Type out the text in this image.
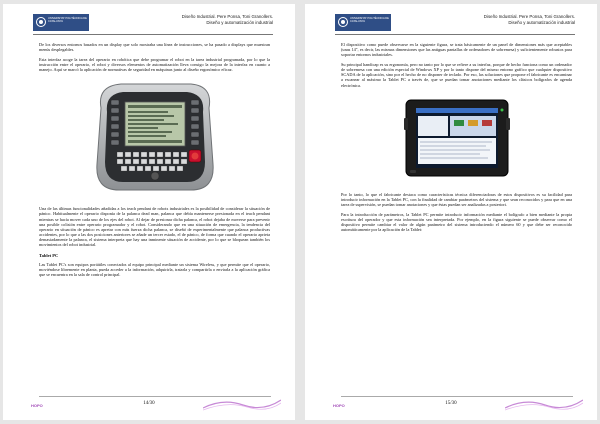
UNIVERSITAT POLITÈCNICA DE CATALUNYA
Diseño Industrial. Pere Ponsa, Toni Granollers.
Diseño y automatización industrial

De los diversos entornos basados en un display que solo mostraba una línea de instrucciones, se ha pasado a displays que muestran menús desplegables.

Esta interfaz acoge la tarea del operario en robótica que debe programar el robot en la tarea industrial programada, por lo que la instrucción entre el operario, el robot y diversos elementos de automatización lleva consigo la mejora de la interfaz en cuanto a manejo. Aquí se marcó la aplicación de normativas de seguridad en máquinas junto al diseño ergonómico eficaz.

Una de las últimas funcionalidades añadidas a los teach pendant de robots industriales es la posibilidad de considerar la situación de pánico. Habitualmente el operario disponía de la palanca dead man, palanca que debía mantenerse presionada en el teach pendant mientras se hacía mover cada uno de los ejes del robot. Al dejar de presionar dicha palanca, el robot dejaba de moverse para prevenir una posible colisión entre operario programador y el robot. Considerando que en una situación de emergencia, la tendencia del operario en situación de pánico es apretar con más fuerza dicha palanca, se diseñó de experimentalmente que palanca productivas accidentes, por lo que a las dos posiciones anteriores se añade un tercer estado, el de pánico, de forma que cuando el operario aprieta demasiadamente la palanca, el sistema interpreta que hay una inminente situación de accidente, por lo que se bloquean también los movimientos del robot industrial.

Tablet PC

Las Tablet PC's son equipos portátiles conectados al equipo principal mediante un sistema Wireless, y que permite que el operario, moviéndose libremente en planta, pueda acceder a la información, adquirirla, tratarla y compartirla o enviarla a la aplicación gráfica que se encuentra en la sala de control principal.

HOPO	14/30
UNIVERSITAT POLITÈCNICA DE CATALUNYA
Diseño Industrial. Pere Ponsa, Toni Granollers.
Diseño y automatización industrial

El dispositivo como puede observarse en la siguiente figura, se trata básicamente de un panel de dimensiones más que aceptables (unas 14", es decir, las mismas dimensiones que las antiguas pantallas de ordenadores de sobremesa) y suficientemente robustos para soportar entornos industriales.

Su principal handicap es su ergonomía, pero no tanto por lo que se refiere a su interfaz, porque de hecho funciona como un ordenador de sobremesa con una edición especial de Windows XP y por lo tanto dispone del mismo entorno gráfico que cualquier dispositivo SCADA de la aplicación, sino por el hecho de no disponer de teclado. Por eso, las soluciones que propone el fabricante es encaminar a escanear al máximo la Tablet PC a través de, que se puedan tomar anotaciones mediante los clásicos bolígrafos de agenda electrónica.

Por lo tanto, lo que el fabricante destaca como características técnica diferenciadoras de estos dispositivos es su facilidad para introducir información en la Tablet PC, con la finalidad de cambiar parámetros del sistema y que sean reconocidos y para que en una tarea de supervisión, se puedan tomar anotaciones y que éstas puedan ser analizadas a posteriori.

Para la introducción de parámetros, la Tablet PC permite introducir información mediante el bolígrafo a bien mediante la propia escritura del operador y que esta información sea interpretada. Por ejemplo, en la figura siguiente se puede observar como el dispositivo permite cambiar el valor de algún parámetro del sistema introduciendo el número 60 y que debe ser reconocido automáticamente por la aplicación de la Tablet:

HOPO	15/30
